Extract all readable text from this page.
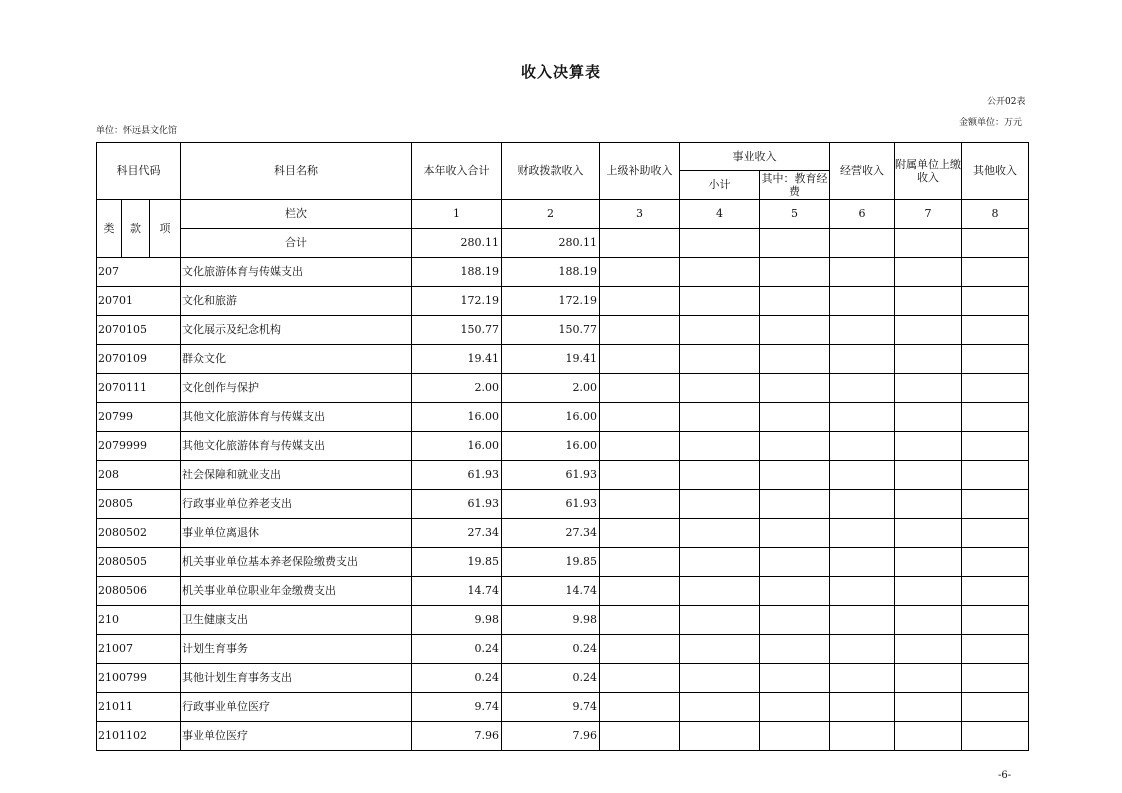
收入决算表
公开02表
金额单位：万元
单位：怀远县文化馆
科目代码			科目名称	本年收入合计	财政拨款收入	上级补助收入	事业收入		经营收入	附属单位上缴收入	其他收入
							小计	其中：教育经费			
类	款	项	栏次	1	2	3	4	5	6	7	8
			合计	280.11	280.11						
207			文化旅游体育与传媒支出	188.19	188.19						
20701			文化和旅游	172.19	172.19						
2070105			文化展示及纪念机构	150.77	150.77						
2070109			群众文化	19.41	19.41						
2070111			文化创作与保护	2.00	2.00						
20799			其他文化旅游体育与传媒支出	16.00	16.00						
2079999			其他文化旅游体育与传媒支出	16.00	16.00						
208			社会保障和就业支出	61.93	61.93						
20805			行政事业单位养老支出	61.93	61.93						
2080502			事业单位离退休	27.34	27.34						
2080505			机关事业单位基本养老保险缴费支出	19.85	19.85						
2080506			机关事业单位职业年金缴费支出	14.74	14.74						
210			卫生健康支出	9.98	9.98						
21007			计划生育事务	0.24	0.24						
2100799			其他计划生育事务支出	0.24	0.24						
21011			行政事业单位医疗	9.74	9.74						
2101102			事业单位医疗	7.96	7.96						
-6-
